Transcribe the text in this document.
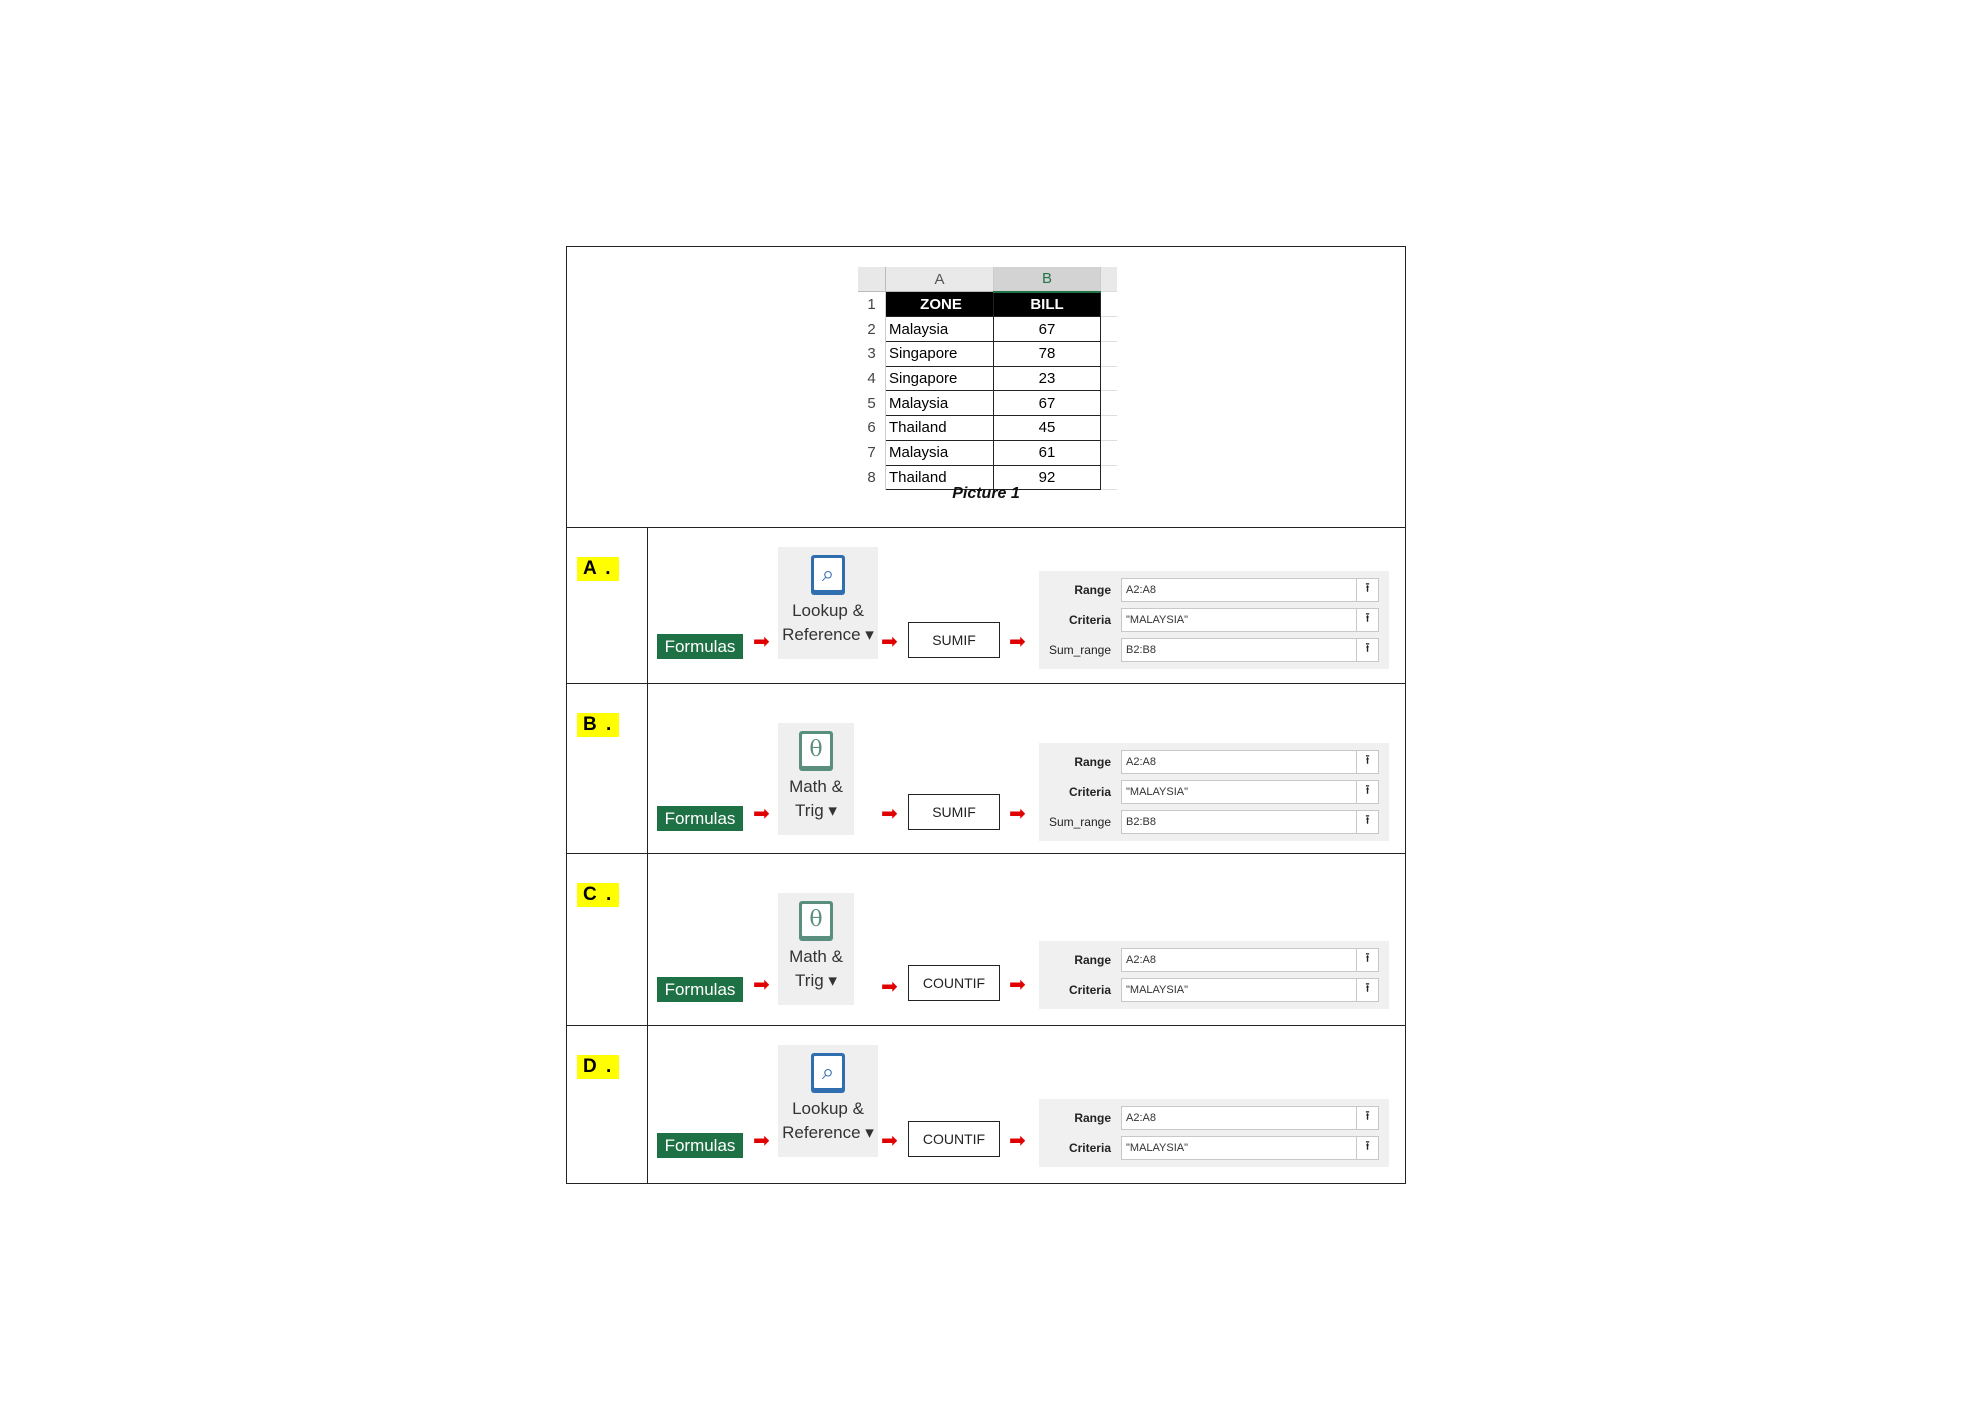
	A	B	
1	ZONE	BILL	
2	Malaysia	67	
3	Singapore	78	
4	Singapore	23	
5	Malaysia	67	
6	Thailand	45	
7	Malaysia	61	
8	Thailand	92	
Picture 1
A .
Formulas ➡
⌕
Lookup &
Reference ▾ ➡	SUMIF	➡
Range	A2:A8	⭱
Criteria	"MALAYSIA"	⭱
Sum_range	B2:B8	⭱
B .
Formulas ➡
θ
Math &
Trig ▾	➡	SUMIF	➡
Range	A2:A8	⭱
Criteria	"MALAYSIA"	⭱
Sum_range	B2:B8	⭱
C .
Formulas ➡
θ
Math &
Trig ▾	➡	COUNTIF	➡
Range	A2:A8	⭱
Criteria	"MALAYSIA"	⭱
D .
Formulas ➡
⌕
Lookup &
Reference ▾ ➡	COUNTIF	➡
Range	A2:A8	⭱
Criteria	"MALAYSIA"	⭱
